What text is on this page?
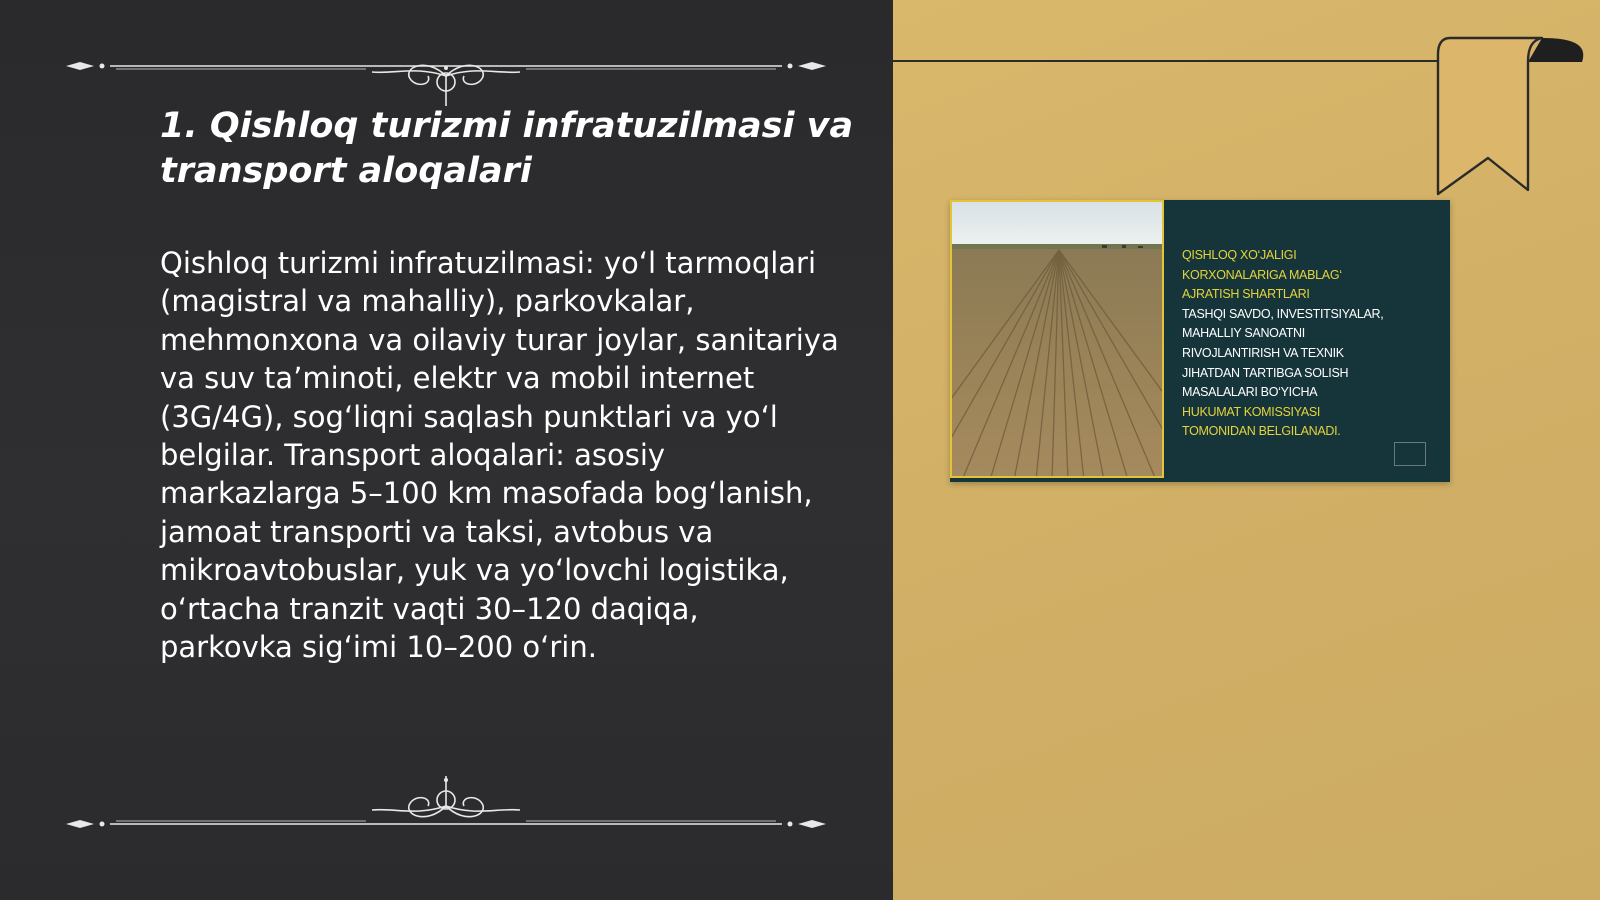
1. Qishloq turizmi infratuzilmasi va transport aloqalari

Qishloq turizmi infratuzilmasi: yo‘l tarmoqlari (magistral va mahalliy), parkovkalar, mehmonxona va oilaviy turar joylar, sanitariya va suv ta’minoti, elektr va mobil internet (3G/4G), sog‘liqni saqlash punktlari va yo‘l belgilar. Transport aloqalari: asosiy markazlarga 5–100 km masofada bog‘lanish, jamoat transporti va taksi, avtobus va mikroavtobuslar, yuk va yo‘lovchi logistika, o‘rtacha tranzit vaqti 30–120 daqiqa, parkovka sig‘imi 10–200 o‘rin.

QISHLOQ XO‘JALIGI
KORXONALARIGA MABLAG‘
AJRATISH SHARTLARI
TASHQI SAVDO, INVESTITSIYALAR,
MAHALLIY SANOATNI
RIVOJLANTIRISH VA TEXNIK
JIHATDAN TARTIBGA SOLISH
MASALALARI BO‘YICHA
HUKUMAT KOMISSIYASI
TOMONIDAN BELGILANADI.
